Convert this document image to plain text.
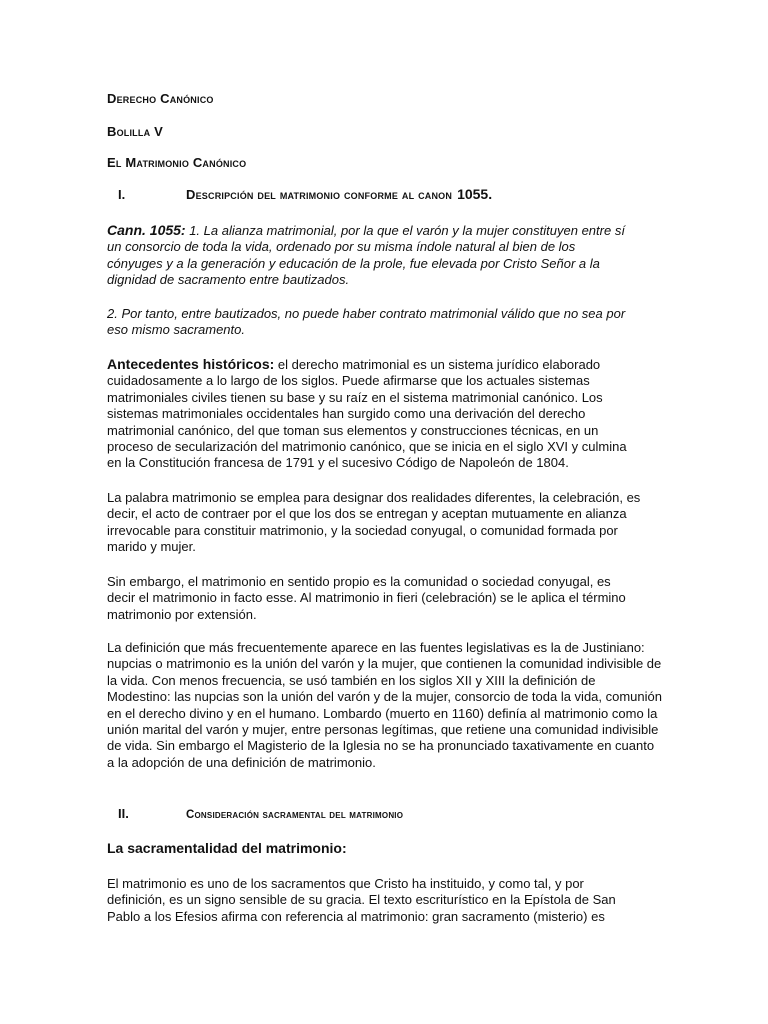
Derecho Canónico

Bolilla V

El Matrimonio Canónico

I.	Descripción del matrimonio conforme al canon 1055.

Cann. 1055: 1. La alianza matrimonial, por la que el varón y la mujer constituyen entre sí un consorcio de toda la vida, ordenado por su misma índole natural al bien de los cónyuges y a la generación y educación de la prole, fue elevada por Cristo Señor a la dignidad de sacramento entre bautizados.

2. Por tanto, entre bautizados, no puede haber contrato matrimonial válido que no sea por eso mismo sacramento.

Antecedentes históricos: el derecho matrimonial es un sistema jurídico elaborado cuidadosamente a lo largo de los siglos. Puede afirmarse que los actuales sistemas matrimoniales civiles tienen su base y su raíz en el sistema matrimonial canónico. Los sistemas matrimoniales occidentales han surgido como una derivación del derecho matrimonial canónico, del que toman sus elementos y construcciones técnicas, en un proceso de secularización del matrimonio canónico, que se inicia en el siglo XVI y culmina en la Constitución francesa de 1791 y el sucesivo Código de Napoleón de 1804.

La palabra matrimonio se emplea para designar dos realidades diferentes, la celebración, es decir, el acto de contraer por el que los dos se entregan y aceptan mutuamente en alianza irrevocable para constituir matrimonio, y la sociedad conyugal, o comunidad formada por marido y mujer.

Sin embargo, el matrimonio en sentido propio es la comunidad o sociedad conyugal, es decir el matrimonio in facto esse. Al matrimonio in fieri (celebración) se le aplica el término matrimonio por extensión.

La definición que más frecuentemente aparece en las fuentes legislativas es la de Justiniano: nupcias o matrimonio es la unión del varón y la mujer, que contienen la comunidad indivisible de la vida. Con menos frecuencia, se usó también en los siglos XII y XIII la definición de Modestino: las nupcias son la unión del varón y de la mujer, consorcio de toda la vida, comunión en el derecho divino y en el humano. Lombardo (muerto en 1160) definía al matrimonio como la unión marital del varón y mujer, entre personas legítimas, que retiene una comunidad indivisible de vida. Sin embargo el Magisterio de la Iglesia no se ha pronunciado taxativamente en cuanto a la adopción de una definición de matrimonio.

II.	Consideración sacramental del matrimonio

La sacramentalidad del matrimonio:

El matrimonio es uno de los sacramentos que Cristo ha instituido, y como tal, y por definición, es un signo sensible de su gracia. El texto escriturístico en la Epístola de San Pablo a los Efesios afirma con referencia al matrimonio: gran sacramento (misterio) es
